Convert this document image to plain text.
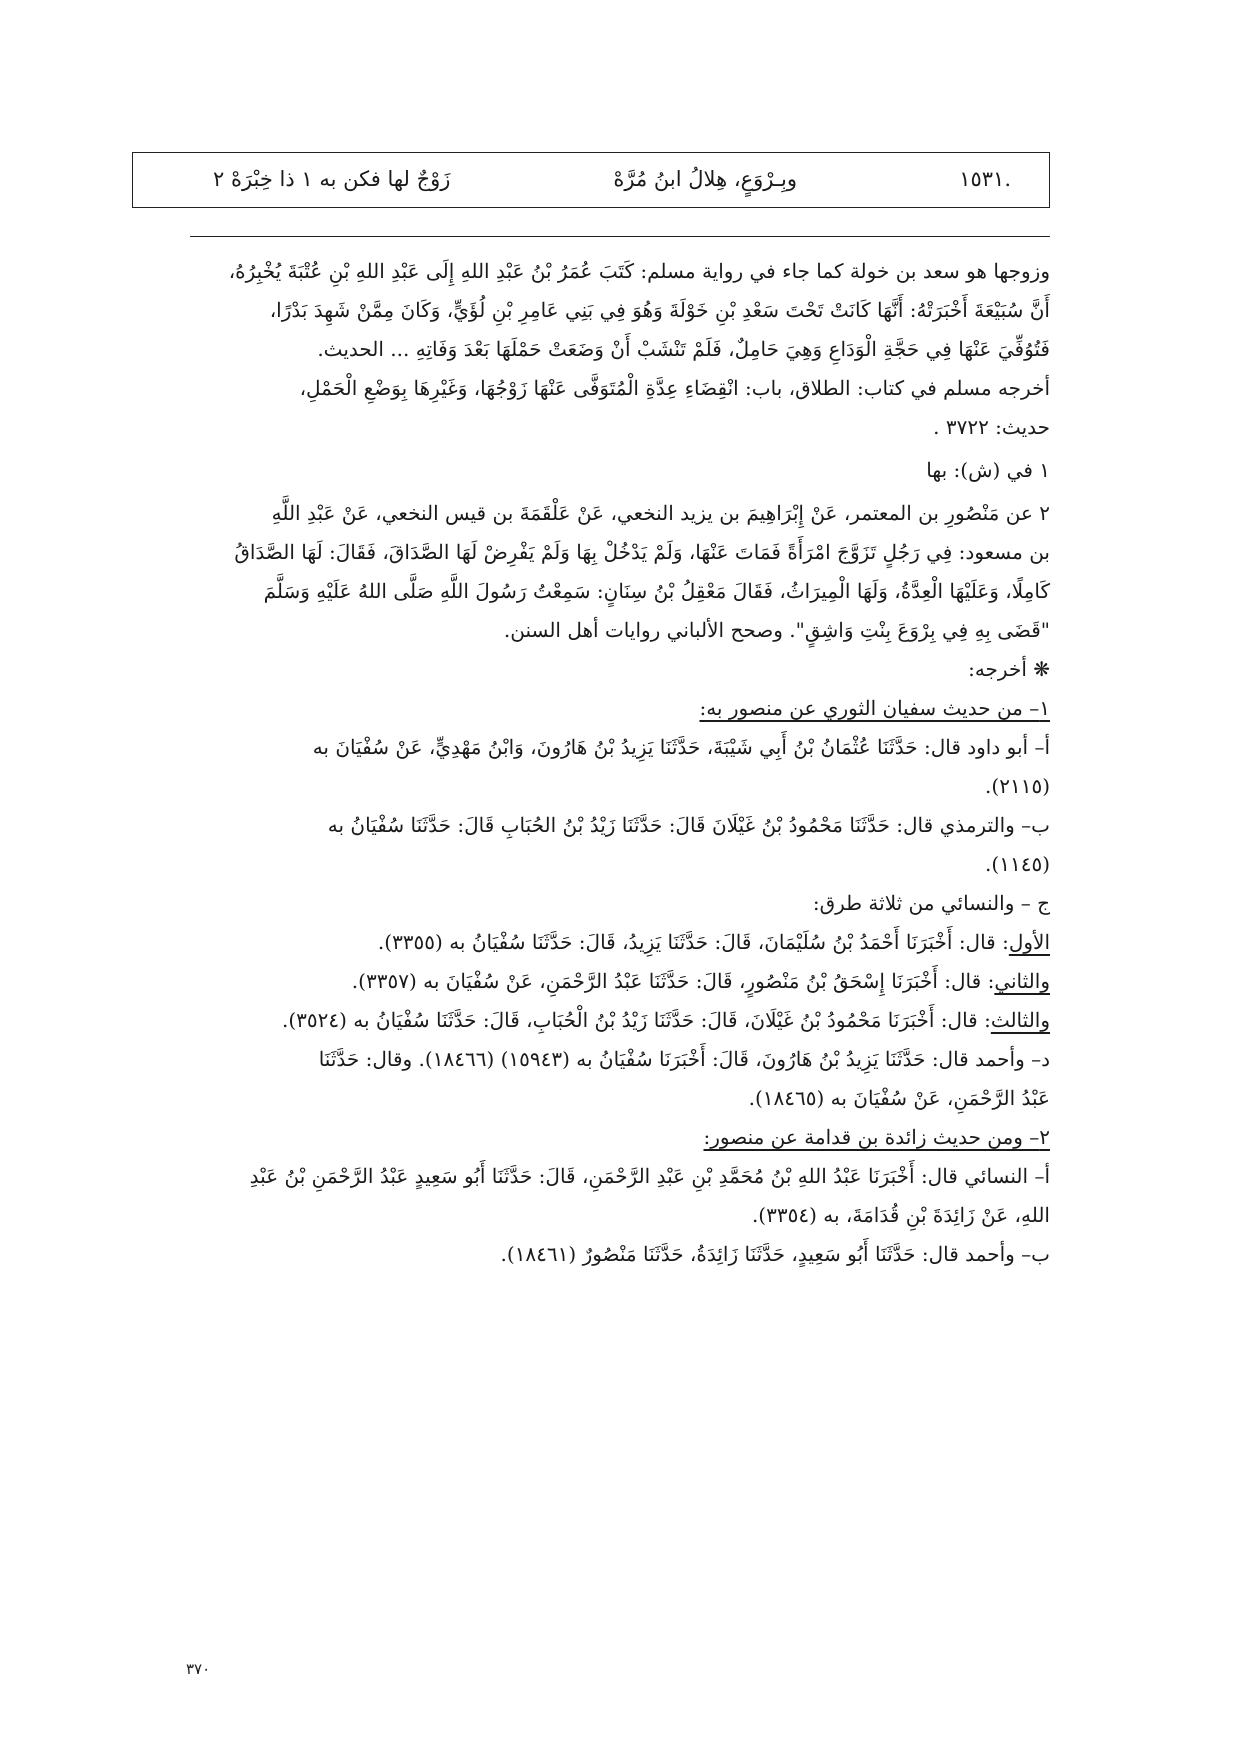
.١٥٣١
وبِـرْوَعٍ، هِلالُ ابنُ مُرَّهْ
زَوْجٌ لها فكن به ١ ذا خِبْرَهْ ٢

وزوجها هو سعد بن خولة كما جاء في رواية مسلم: كَتَبَ عُمَرُ بْنُ عَبْدِ اللهِ إِلَى عَبْدِ اللهِ بْنِ عُتْبَةَ يُخْبِرُهُ،

أَنَّ سُبَيْعَةَ أَخْبَرَتْهُ: أَنَّهَا كَانَتْ تَحْتَ سَعْدِ بْنِ خَوْلَةَ وَهُوَ فِي بَنِي عَامِرِ بْنِ لُؤَيٍّ، وَكَانَ مِمَّنْ شَهِدَ بَدْرًا،

فَتُوُفِّيَ عَنْهَا فِي حَجَّةِ الْوَدَاعِ وَهِيَ حَامِلٌ، فَلَمْ تَنْشَبْ أَنْ وَضَعَتْ حَمْلَهَا بَعْدَ وَفَاتِهِ ... الحديث.

أخرجه مسلم في كتاب: الطلاق، باب: انْقِضَاءِ عِدَّةِ الْمُتَوَفَّى عَنْهَا زَوْجُهَا، وَغَيْرِهَا بِوَضْعِ الْحَمْلِ،

حديث: ٣٧٢٢ .

١ في (ش): بها

٢ عن مَنْصُورِ بن المعتمر، عَنْ إِبْرَاهِيمَ بن يزيد النخعي، عَنْ عَلْقَمَةَ بن قيس النخعي، عَنْ عَبْدِ اللَّهِ

بن مسعود: فِي رَجُلٍ تَزَوَّجَ امْرَأَةً فَمَاتَ عَنْهَا، وَلَمْ يَدْخُلْ بِهَا وَلَمْ يَفْرِضْ لَهَا الصَّدَاقَ، فَقَالَ: لَهَا الصَّدَاقُ

كَامِلًا، وَعَلَيْهَا الْعِدَّةُ، وَلَهَا الْمِيرَاثُ، فَقَالَ مَعْقِلُ بْنُ سِنَانٍ: سَمِعْتُ رَسُولَ اللَّهِ صَلَّى اللهُ عَلَيْهِ وَسَلَّمَ

"قَضَى بِهِ فِي بِرْوَعَ بِنْتِ وَاشِقٍ". وصحح الألباني روايات أهل السنن.

❋ أخرجه:

١– من حديث سفيان الثوري عن منصور به:

أ– أبو داود قال: حَدَّثَنَا عُثْمَانُ بْنُ أَبِي شَيْبَةَ، حَدَّثَنَا يَزِيدُ بْنُ هَارُونَ، وَابْنُ مَهْدِيٍّ، عَنْ سُفْيَانَ به

(٢١١٥).

ب– والترمذي قال: حَدَّثَنَا مَحْمُودُ بْنُ غَيْلَانَ قَالَ: حَدَّثَنَا زَيْدُ بْنُ الحُبَابِ قَالَ: حَدَّثَنَا سُفْيَانُ به

(١١٤٥).

ج – والنسائي من ثلاثة طرق:

الأول: قال: أَخْبَرَنَا أَحْمَدُ بْنُ سُلَيْمَانَ، قَالَ: حَدَّثَنَا يَزِيدُ، قَالَ: حَدَّثَنَا سُفْيَانُ به (٣٣٥٥).

والثاني: قال: أَخْبَرَنَا إِسْحَقُ بْنُ مَنْصُورٍ، قَالَ: حَدَّثَنَا عَبْدُ الرَّحْمَنِ، عَنْ سُفْيَانَ به (٣٣٥٧).

والثالث: قال: أَخْبَرَنَا مَحْمُودُ بْنُ غَيْلَانَ، قَالَ: حَدَّثَنَا زَيْدُ بْنُ الْحُبَابِ، قَالَ: حَدَّثَنَا سُفْيَانُ به (٣٥٢٤).

د– وأحمد قال: حَدَّثَنَا يَزِيدُ بْنُ هَارُونَ، قَالَ: أَخْبَرَنَا سُفْيَانُ به (١٥٩٤٣) (١٨٤٦٦). وقال: حَدَّثَنَا

عَبْدُ الرَّحْمَنِ، عَنْ سُفْيَانَ به (١٨٤٦٥).

٢– ومن حديث زائدة بن قدامة عن منصور:

أ– النسائي قال: أَخْبَرَنَا عَبْدُ اللهِ بْنُ مُحَمَّدِ بْنِ عَبْدِ الرَّحْمَنِ، قَالَ: حَدَّثَنَا أَبُو سَعِيدٍ عَبْدُ الرَّحْمَنِ بْنُ عَبْدِ

اللهِ، عَنْ زَائِدَةَ بْنِ قُدَامَةَ، به (٣٣٥٤).

ب– وأحمد قال: حَدَّثَنَا أَبُو سَعِيدٍ، حَدَّثَنَا زَائِدَةُ، حَدَّثَنَا مَنْصُورٌ (١٨٤٦١).

٣٧٠
